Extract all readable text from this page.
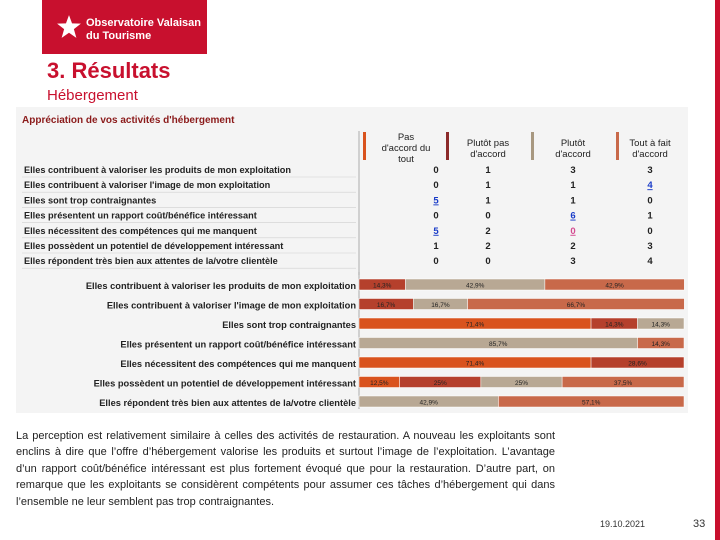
Observatoire Valaisan
du Tourisme
3. Résultats
Hébergement
Appréciation de vos activités d'hébergement
Pas
d'accord du
tout
Plutôt pas
d'accord
Plutôt
d'accord
Tout à fait
d'accord
Elles contribuent à valoriser les produits de mon exploitation	0	1	3	3
Elles contribuent à valoriser l'image de mon exploitation	0	1	1	4
Elles sont trop contraignantes	5	1	1	0
Elles présentent un rapport coût/bénéfice intéressant	0	0	6	1
Elles nécessitent des compétences qui me manquent	5	2	0	0
Elles possèdent un potentiel de développement intéressant	1	2	2	3
Elles répondent très bien aux attentes de la/votre clientèle	0	0	3	4
Elles contribuent à valoriser les produits de mon exploitation	14,3%	42,9%	42,9%
Elles contribuent à valoriser l'image de mon exploitation	16,7%	16,7%	66,7%
Elles sont trop contraignantes	71,4%	14,3%	14,3%
Elles présentent un rapport coût/bénéfice intéressant	85,7%	14,3%
Elles nécessitent des compétences qui me manquent	71,4%	28,6%
Elles possèdent un potentiel de développement intéressant 12,5%	25%	25%	37,5%
Elles répondent très bien aux attentes de la/votre clientèle	42,9%	57,1%
La perception est relativement similaire à celles des activités de restauration. A nouveau les exploitants sont enclins à dire que l’offre d’hébergement valorise les produits et surtout l’image de l’exploitation. L’avantage d’un rapport coût/bénéfice intéressant est plus fortement évoqué que pour la restauration. D’autre part, on remarque que les exploitants se considèrent compétents pour assumer ces tâches d’hébergement qui dans l’ensemble ne leur semblent pas trop contraignantes.
19.10.2021	33
